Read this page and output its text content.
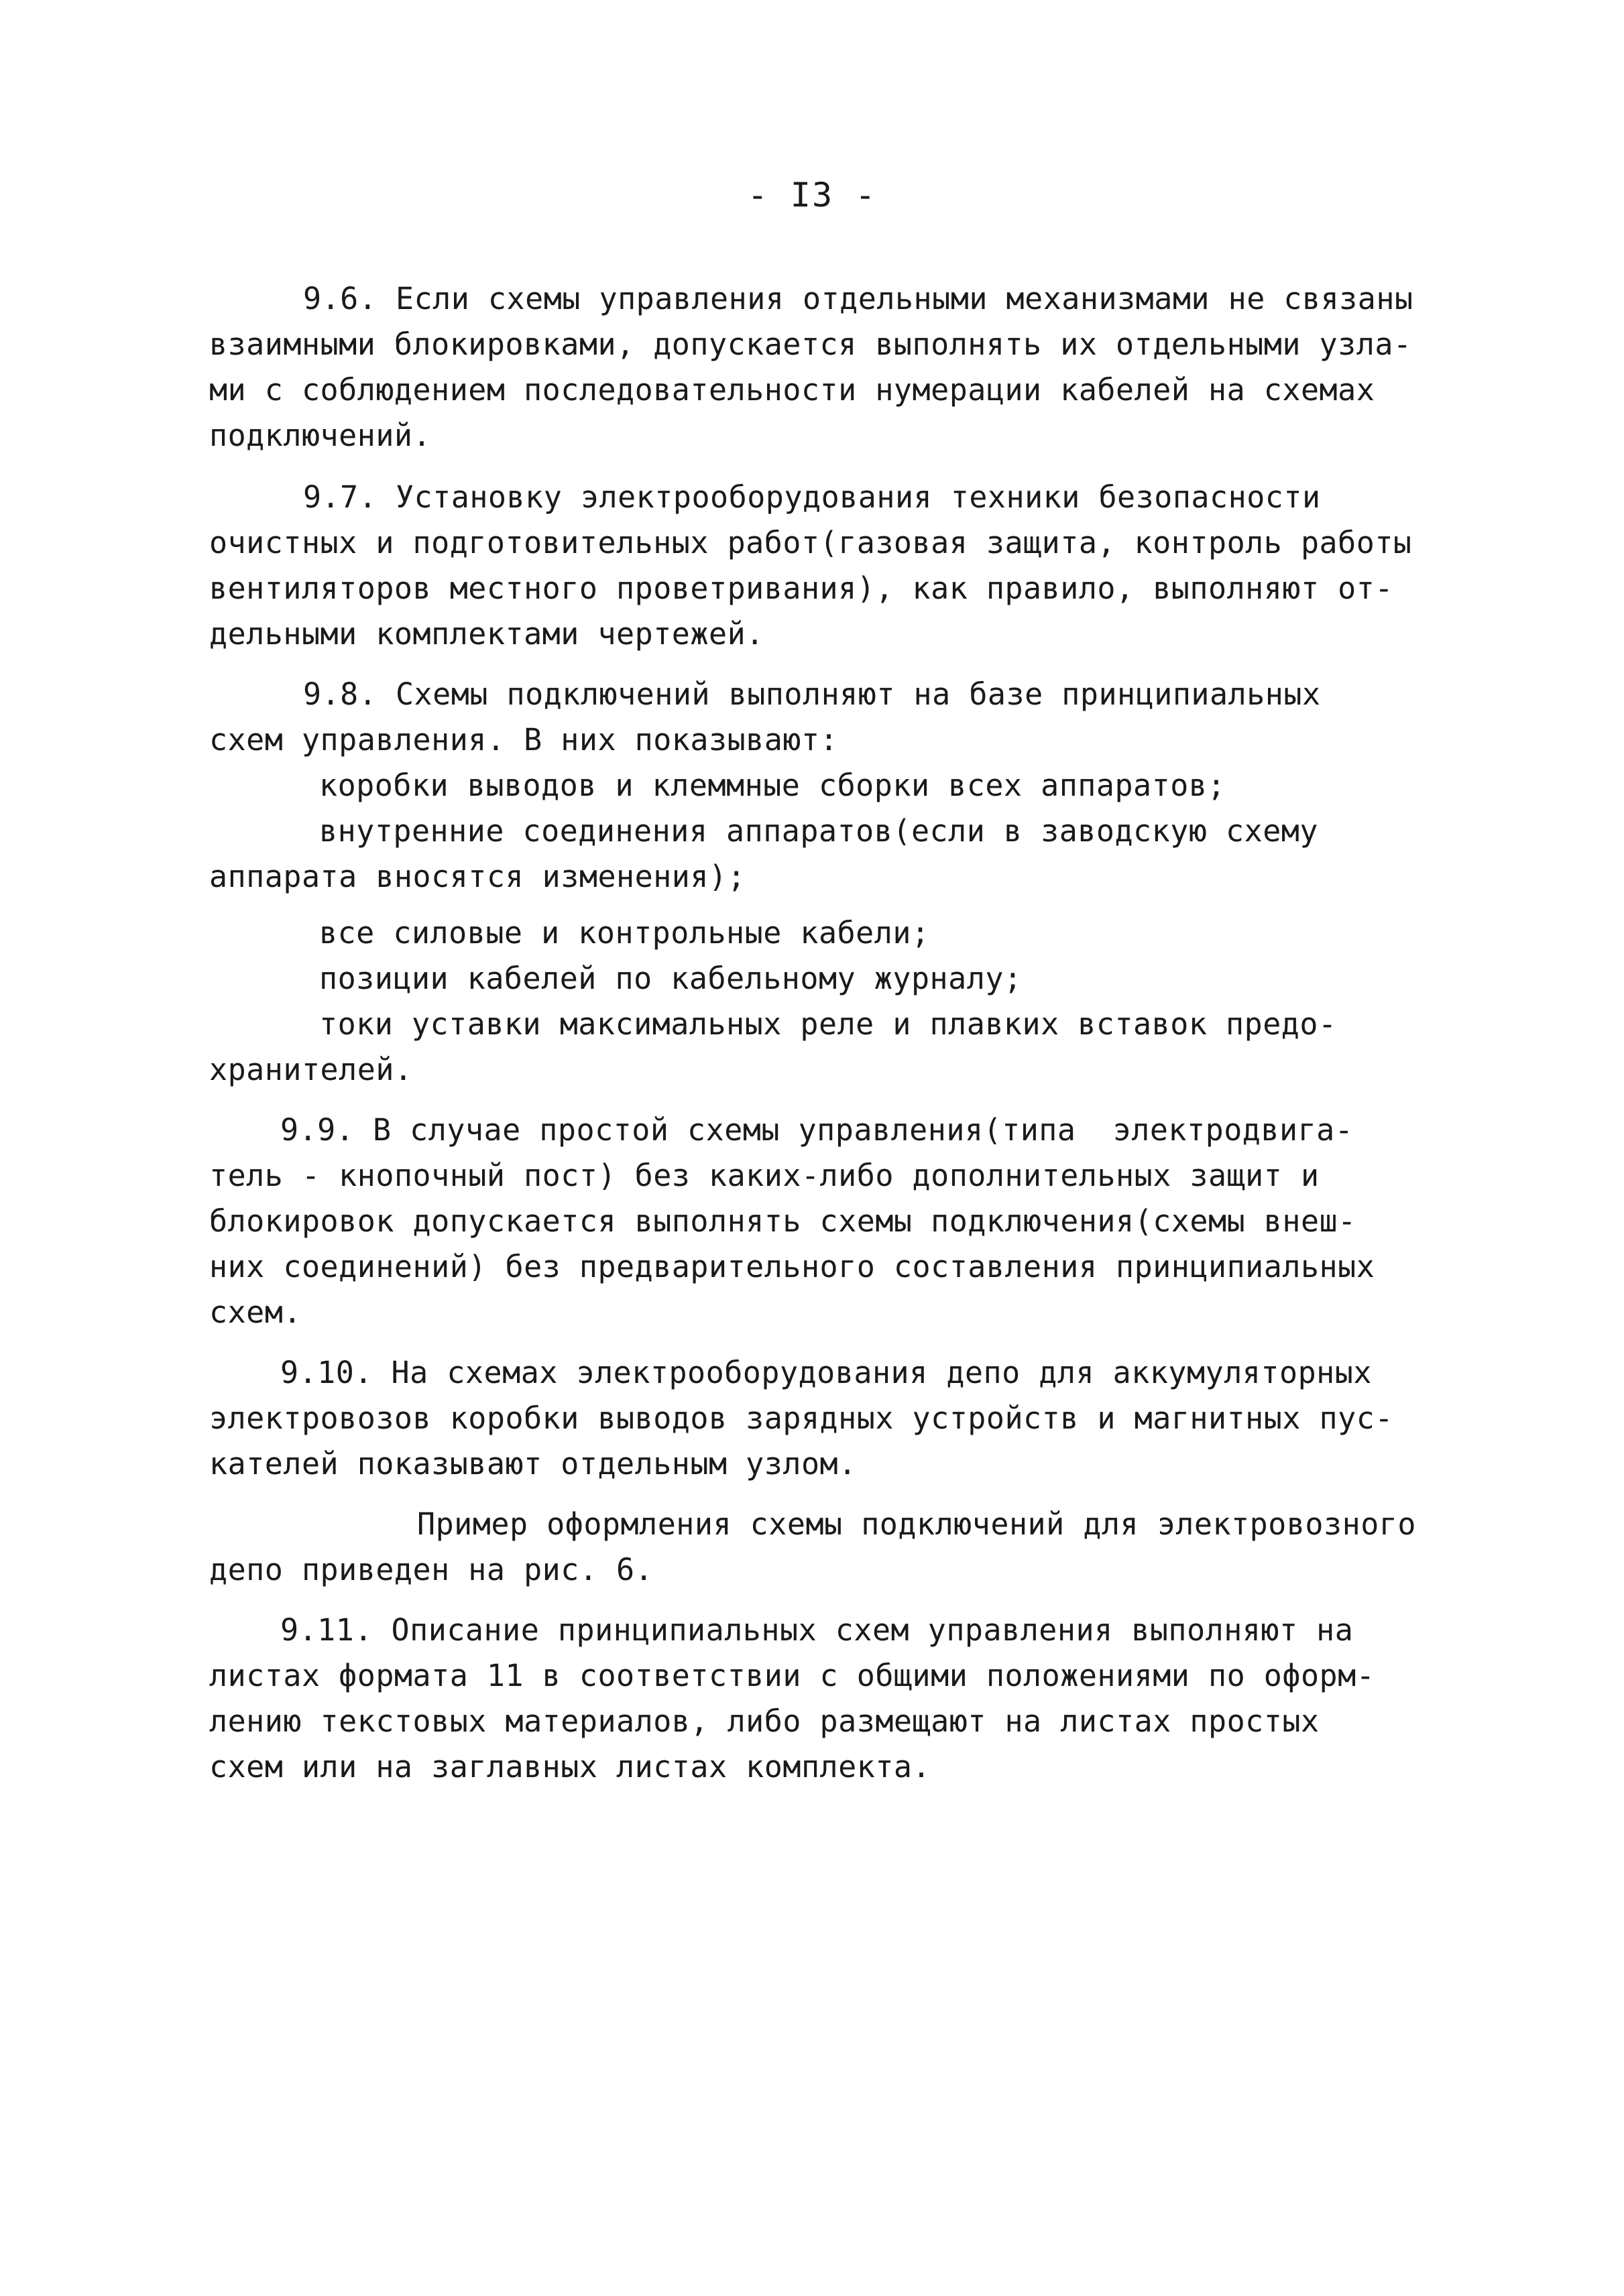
- I3 -
9.6. Если схемы управления отдельными механизмами не связаны
взаимными блокировками, допускается выполнять их отдельными узла-
ми с соблюдением последовательности нумерации кабелей на схемах
подключений.
9.7. Установку электрооборудования техники безопасности
очистных и подготовительных работ(газовая защита, контроль работы
вентиляторов местного проветривания), как правило, выполняют от-
дельными комплектами чертежей.
9.8. Схемы подключений выполняют на базе принципиальных
схем управления. В них показывают:
коробки выводов и клеммные сборки всех аппаратов;
внутренние соединения аппаратов(если в заводскую схему
аппарата вносятся изменения);
все силовые и контрольные кабели;
позиции кабелей по кабельному журналу;
токи уставки максимальных реле и плавких вставок предо-
хранителей.
9.9. В случае простой схемы управления(типа  электродвига-
тель - кнопочный пост) без каких-либо дополнительных защит и
блокировок допускается выполнять схемы подключения(схемы внеш-
них соединений) без предварительного составления принципиальных
схем.
9.10. На схемах электрооборудования депо для аккумуляторных
электровозов коробки выводов зарядных устройств и магнитных пус-
кателей показывают отдельным узлом.
Пример оформления схемы подключений для электровозного
депо приведен на рис. 6.
9.11. Описание принципиальных схем управления выполняют на
листах формата 11 в соответствии с общими положениями по оформ-
лению текстовых материалов, либо размещают на листах простых
схем или на заглавных листах комплекта.
